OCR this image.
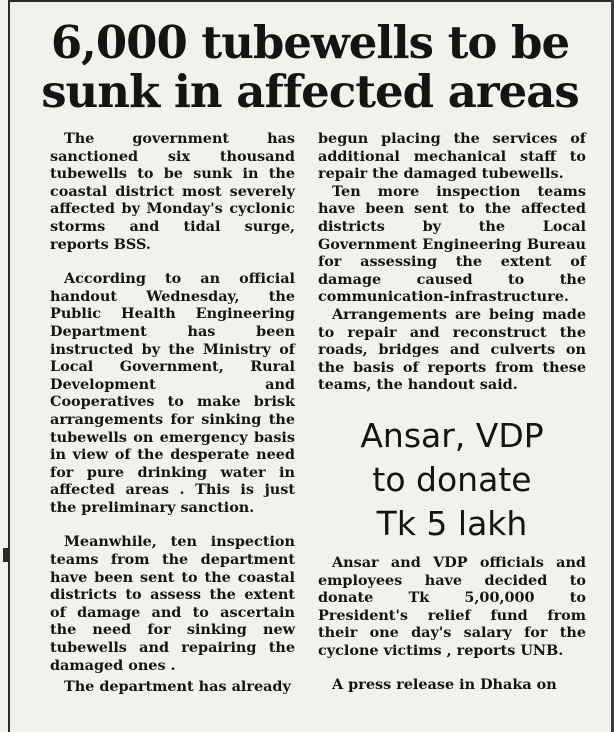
6,000 tubewells to be
sunk in affected areas

The government has sanctioned six thousand tubewells to be sunk in the coastal district most severely affected by Monday's cyclonic storms and tidal surge, reports BSS.

According to an official handout Wednesday, the Public Health Engineering Department has been instructed by the Ministry of Local Government, Rural Development and Cooperatives to make brisk arrangements for sinking the tubewells on emergency basis in view of the desperate need for pure drinking water in affected areas . This is just the preliminary sanction.

Meanwhile, ten inspection teams from the department have been sent to the coastal districts to assess the extent of damage and to ascertain the need for sinking new tubewells and repairing the damaged ones .

The department has already

begun placing the services of additional mechanical staff to repair the damaged tubewells.

Ten more inspection teams have been sent to the affected districts by the Local Government Engineering Bureau for assessing the extent of damage caused to the communication-infrastructure.

Arrangements are being made to repair and reconstruct the roads, bridges and culverts on the basis of reports from these teams, the handout said.

Ansar, VDP
to donate
Tk 5 lakh

Ansar and VDP officials and employees have decided to donate Tk 5,00,000 to President's relief fund from their one day's salary for the cyclone victims , reports UNB.

A press release in Dhaka on
